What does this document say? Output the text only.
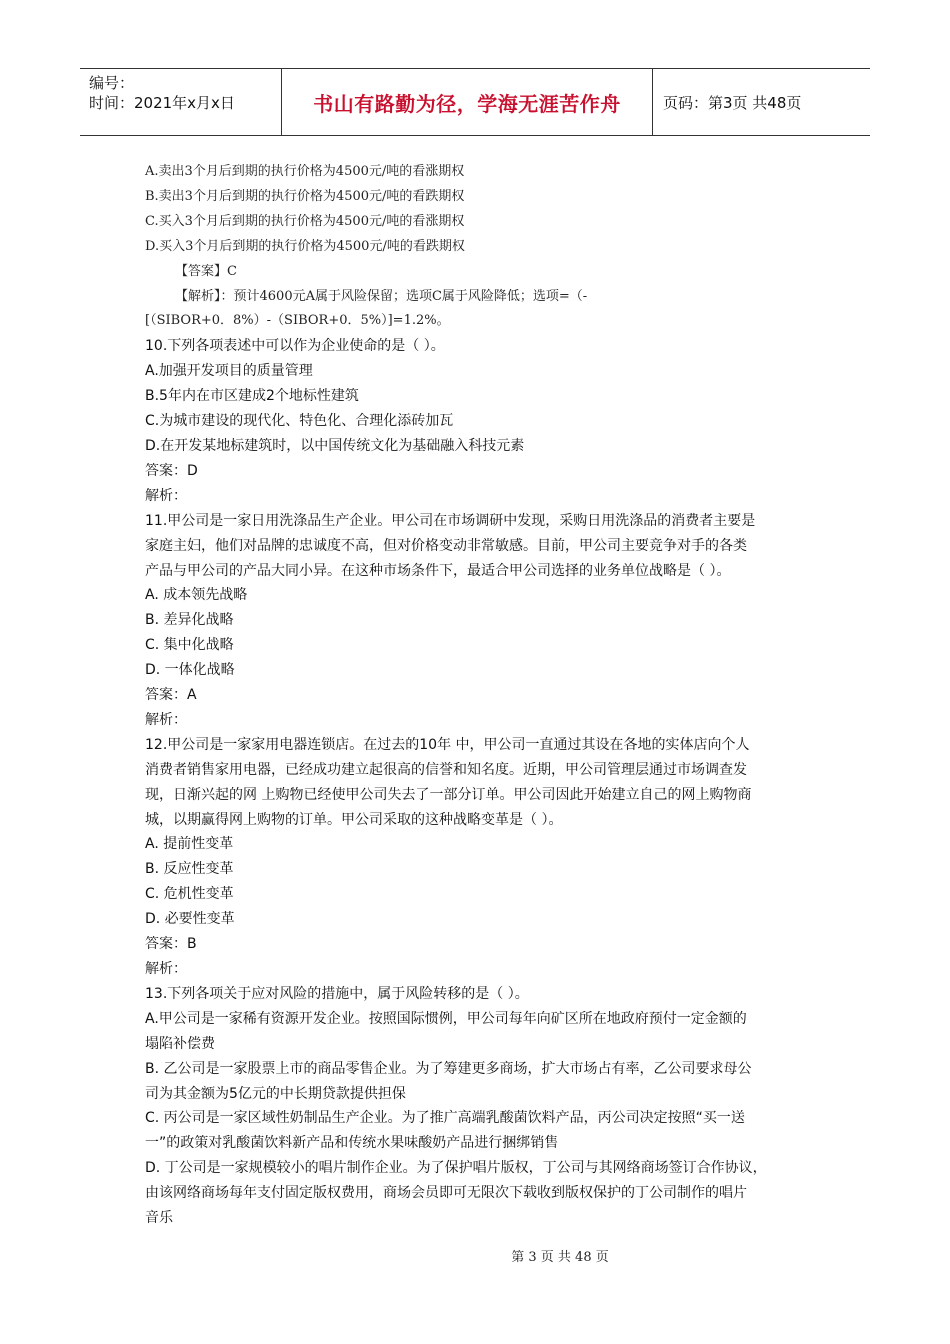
编号：
时间：2021年x月x日	书山有路勤为径，学海无涯苦作舟	页码：第3页 共48页
A.卖出3个月后到期的执行价格为4500元/吨的看涨期权
B.卖出3个月后到期的执行价格为4500元/吨的看跌期权
C.买入3个月后到期的执行价格为4500元/吨的看涨期权
D.买入3个月后到期的执行价格为4500元/吨的看跌期权
【答案】C
【解析】：预计4600元A属于风险保留；选项C属于风险降低；选项=（-
[（SIBOR+0．8%）-（SIBOR+0．5%）]=1.2%。
10.下列各项表述中可以作为企业使命的是（ ）。
A.加强开发项目的质量管理
B.5年内在市区建成2个地标性建筑
C.为城市建设的现代化、特色化、合理化添砖加瓦
D.在开发某地标建筑时，以中国传统文化为基础融入科技元素
答案：D
解析：
11.甲公司是一家日用洗涤品生产企业。甲公司在市场调研中发现，采购日用洗涤品的消费者主要是
家庭主妇，他们对品牌的忠诚度不高，但对价格变动非常敏感。目前，甲公司主要竞争对手的各类
产品与甲公司的产品大同小异。在这种市场条件下，最适合甲公司选择的业务单位战略是（ ）。
A. 成本领先战略
B. 差异化战略
C. 集中化战略
D. 一体化战略
答案：A
解析：
12.甲公司是一家家用电器连锁店。在过去的10年 中，甲公司一直通过其设在各地的实体店向个人
消费者销售家用电器，已经成功建立起很高的信誉和知名度。近期，甲公司管理层通过市场调查发
现，日渐兴起的网 上购物已经使甲公司失去了一部分订单。甲公司因此开始建立自己的网上购物商
城，以期赢得网上购物的订单。甲公司采取的这种战略变革是（ ）。
A. 提前性变革
B. 反应性变革
C. 危机性变革
D. 必要性变革
答案：B
解析：
13.下列各项关于应对风险的措施中，属于风险转移的是（ ）。
A.甲公司是一家稀有资源开发企业。按照国际惯例，甲公司每年向矿区所在地政府预付一定金额的
塌陷补偿费
B. 乙公司是一家股票上市的商品零售企业。为了筹建更多商场，扩大市场占有率，乙公司要求母公
司为其金额为5亿元的中长期贷款提供担保
C. 丙公司是一家区域性奶制品生产企业。为了推广高端乳酸菌饮料产品，丙公司决定按照“买一送
一”的政策对乳酸菌饮料新产品和传统水果味酸奶产品进行捆绑销售
D. 丁公司是一家规模较小的唱片制作企业。为了保护唱片版权，丁公司与其网络商场签订合作协议，
由该网络商场每年支付固定版权费用，商场会员即可无限次下载收到版权保护的丁公司制作的唱片
音乐
第 3 页 共 48 页
